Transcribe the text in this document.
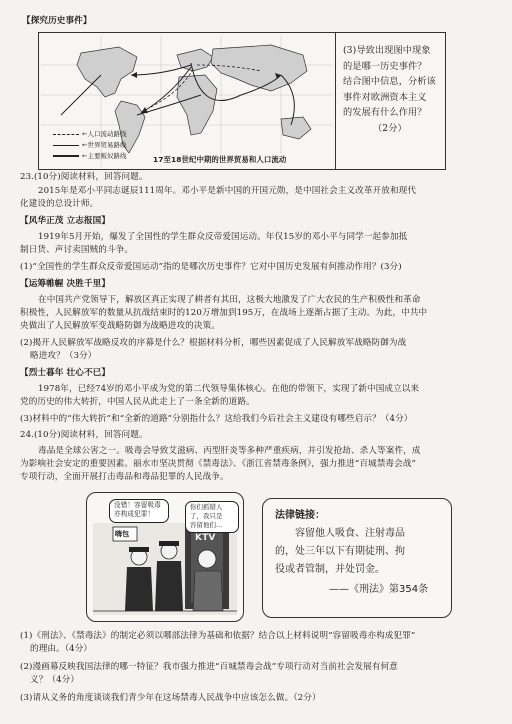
【探究历史事件】
←人口流动路线
←世界贸易路线
←主要贩奴路线	17至18世纪中期的世界贸易和人口流动
(3)导致出现图中现象
的是哪一历史事件？
结合图中信息，分析该
事件对欧洲资本主义
的发展有什么作用？
（2分）
23.(10分)阅读材料，回答问题。
2015年是邓小平同志诞辰111周年。邓小平是新中国的开国元勋，是中国社会主义改革开放和现代
化建设的总设计师。
【风华正茂 立志报国】
1919年5月开始，爆发了全国性的学生群众反帝爱国运动。年仅15岁的邓小平与同学一起参加抵
制日货、声讨卖国贼的斗争。
(1)“全国性的学生群众反帝爱国运动”指的是哪次历史事件？它对中国历史发展有何推动作用？(3分)
【运筹帷幄 决胜千里】
在中国共产党领导下，解放区真正实现了耕者有其田，这极大地激发了广大农民的生产积极性和革命
积极性，人民解放军的数量从抗战结束时的120万增加到195万，在战场上逐渐占据了主动。为此，中共中
央做出了人民解放军变战略防御为战略进攻的决策。
(2)揭开人民解放军战略反攻的序幕是什么？根据材料分析，哪些因素促成了人民解放军战略防御为战
略进攻？（3分）
【烈士暮年 壮心不已】
1978年，已经74岁的邓小平成为党的第二代领导集体核心。在他的带领下，实现了新中国成立以来
党的历史的伟大转折，中国人民从此走上了一条全新的道路。
(3)材料中的“伟大转折”和“全新的道路”分别指什么？这给我们今后社会主义建设有哪些启示？（4分）
24.(10分)阅读材料，回答问题。
毒品是全球公害之一。吸毒会导致艾滋病、丙型肝炎等多种严重疾病，并引发抢劫、杀人等案件，成
为影响社会安定的重要因素。丽水市坚决贯彻《禁毒法》、《浙江省禁毒条例》，强力推进“百城禁毒会战”
专项行动，全面开展打击毒品和毒品犯罪的人民战争。
没错！容留吸毒
亦构成犯罪！
你们抓错人
了，我只是
容留他们...
嗨包	KTV
法律链接：
容留他人吸食、注射毒品
的，处三年以下有期徒刑、拘
役或者管制，并处罚金。
——《刑法》第354条
(1)《刑法》、《禁毒法》的制定必须以哪部法律为基础和依据？结合以上材料说明“容留吸毒亦构成犯罪”
的理由。（4分）
(2)漫画幕反映我国法律的哪一特征？我市强力推进“百城禁毒会战”专项行动对当前社会发展有何意
义？（4分）
(3)请从义务的角度谈谈我们青少年在这场禁毒人民战争中应该怎么做。（2分）
